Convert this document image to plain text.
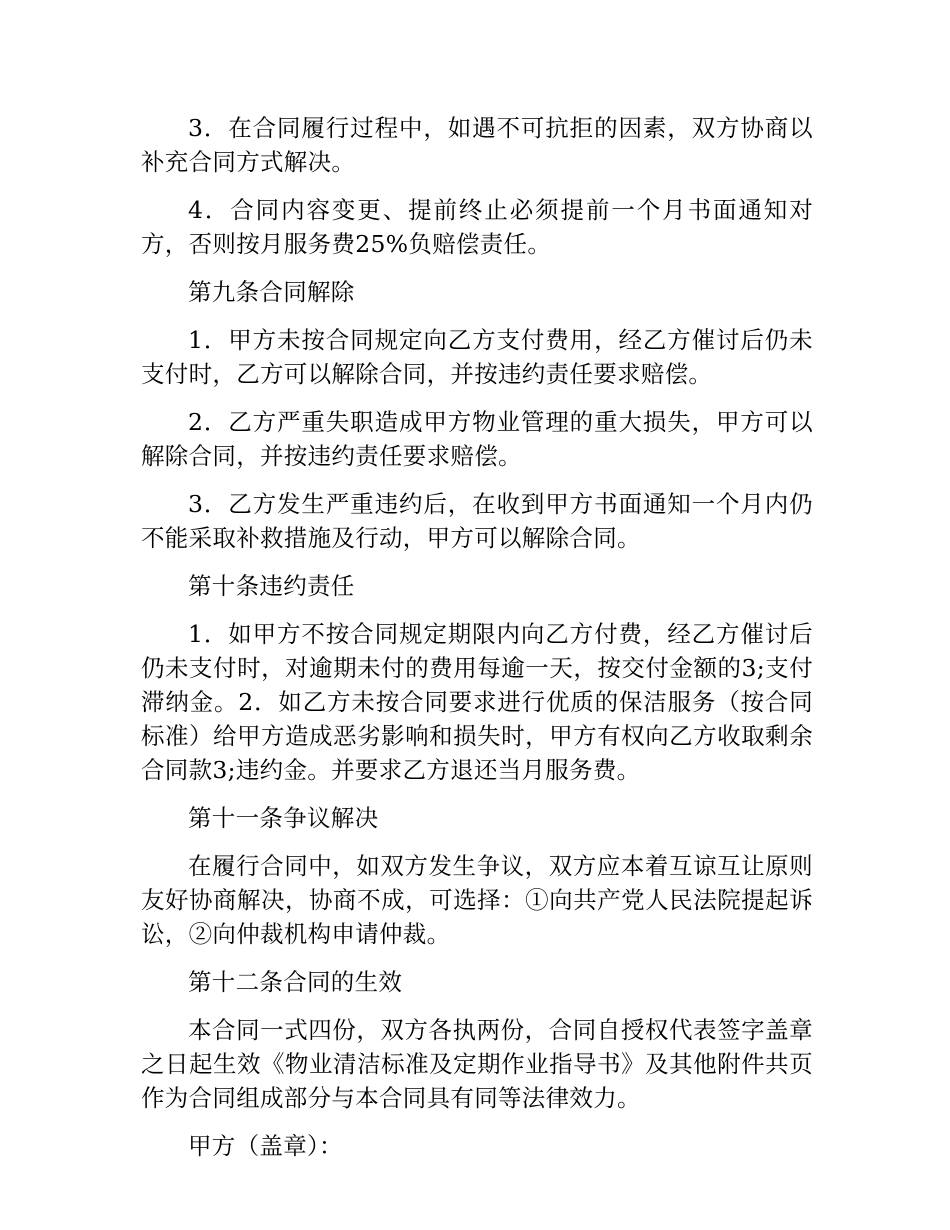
3．在合同履行过程中，如遇不可抗拒的因素，双方协商以补充合同方式解决。

4．合同内容变更、提前终止必须提前一个月书面通知对方，否则按月服务费25%负赔偿责任。

第九条合同解除

1．甲方未按合同规定向乙方支付费用，经乙方催讨后仍未支付时，乙方可以解除合同，并按违约责任要求赔偿。

2．乙方严重失职造成甲方物业管理的重大损失，甲方可以解除合同，并按违约责任要求赔偿。

3．乙方发生严重违约后，在收到甲方书面通知一个月内仍不能采取补救措施及行动，甲方可以解除合同。

第十条违约责任

1．如甲方不按合同规定期限内向乙方付费，经乙方催讨后仍未支付时，对逾期未付的费用每逾一天，按交付金额的3;支付滞纳金。2．如乙方未按合同要求进行优质的保洁服务（按合同标准）给甲方造成恶劣影响和损失时，甲方有权向乙方收取剩余合同款3;违约金。并要求乙方退还当月服务费。

第十一条争议解决

在履行合同中，如双方发生争议，双方应本着互谅互让原则友好协商解决，协商不成，可选择：①向共产党人民法院提起诉讼，②向仲裁机构申请仲裁。

第十二条合同的生效

本合同一式四份，双方各执两份，合同自授权代表签字盖章之日起生效《物业清洁标准及定期作业指导书》及其他附件共页作为合同组成部分与本合同具有同等法律效力。

甲方（盖章）：
